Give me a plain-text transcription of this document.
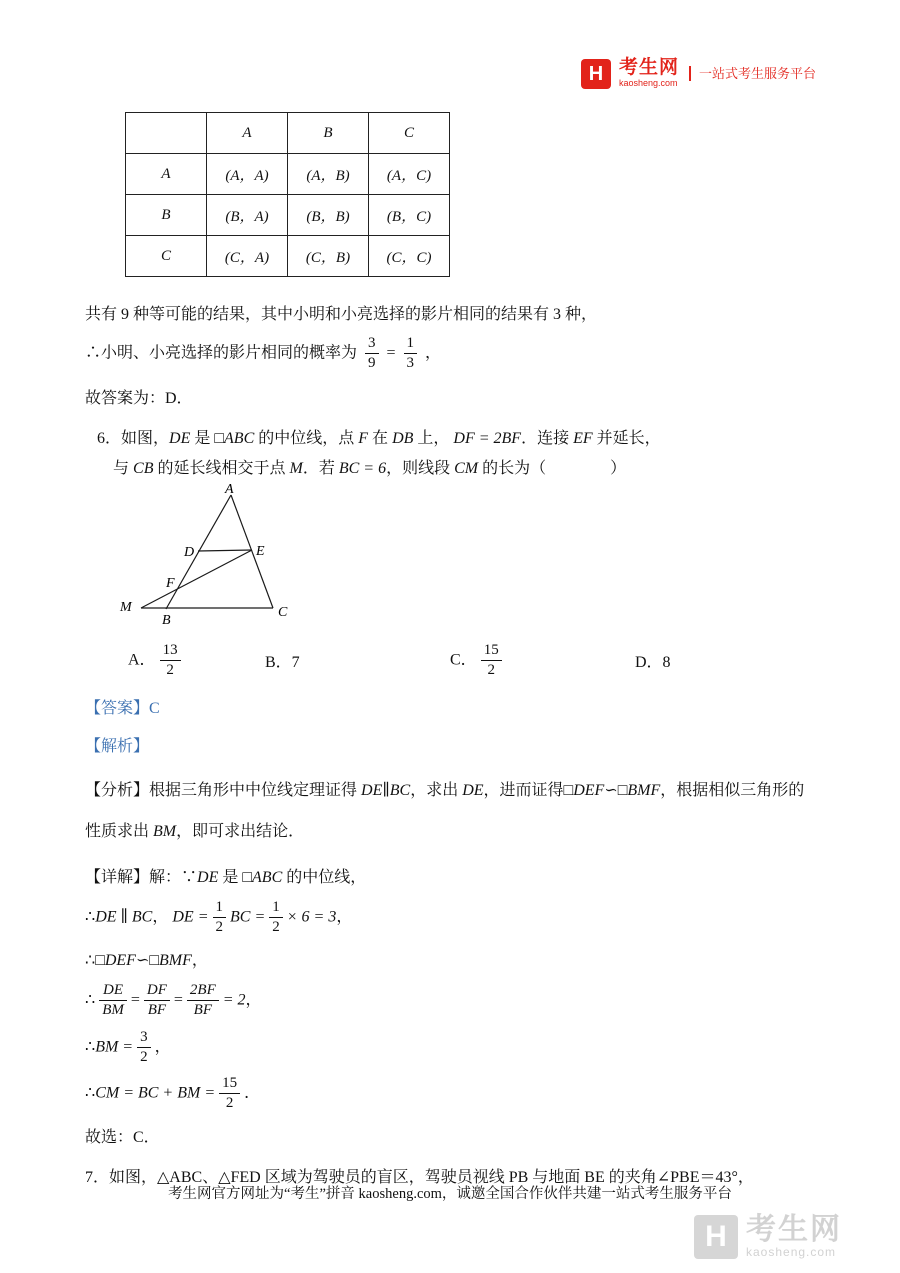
H 考生网
kaosheng.com
一站式考生服务平台
	A	B	C
A	(A，A)	(A，B)	(A，C)
B	(B，A)	(B，B)	(B，C)
C	(C，A)	(C，B)	(C，C)
共有 9 种等可能的结果，其中小明和小亮选择的影片相同的结果有 3 种，
∴小明、小亮选择的影片相同的概率为 $\frac{3}{9} = \frac{1}{3}$ ，
故答案为：D．
6．如图，DE 是 □ABC 的中位线，点 F 在 DB 上， DF = 2BF．连接 EF 并延长，
与 CB 的延长线相交于点 M．若 BC = 6，则线段 CM 的长为（　　　　）
A
D	E
F
M
B
C
A． $\frac{13}{2}$	B．7	C． $\frac{15}{2}$	D．8
【答案】C
【解析】
【分析】根据三角形中中位线定理证得 DE∥BC，求出 DE，进而证得□DEF∽□BMF，根据相似三角形的性质求出 BM，即可求出结论．
【详解】解：∵DE 是 □ABC 的中位线，
∴DE ∥ BC， DE = $\frac{1}{2}$ BC = $\frac{1}{2} \times 6 = 3$，
∴□DEF∽□BMF，
∴ $\frac{DE}{BM} = \frac{DF}{BF} = \frac{2BF}{BF} = 2$，
∴BM = $\frac{3}{2}$ ，
∴CM = BC + BM = $\frac{15}{2}$ ．
故选：C．
7．如图，△ABC、△FED 区域为驾驶员的盲区，驾驶员视线 PB 与地面 BE 的夹角∠PBE＝43°，
考生网官方网址为“考生”拼音 kaosheng.com，诚邀全国合作伙伴共建一站式考生服务平台
H 考生网
kaosheng.com
